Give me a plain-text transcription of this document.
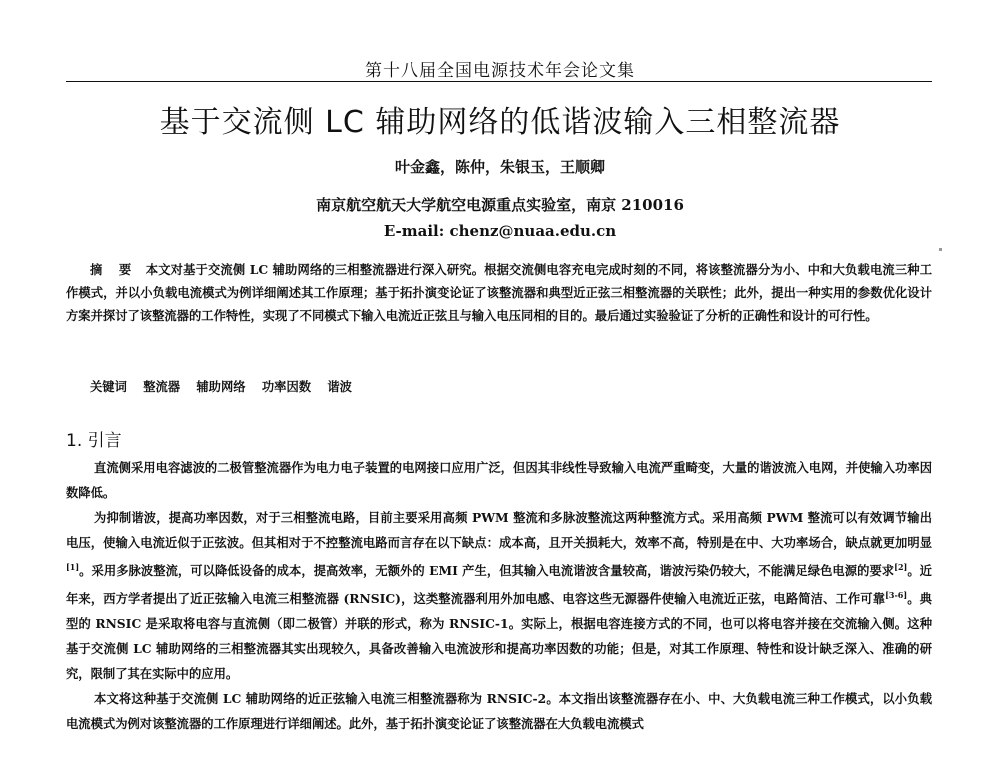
第十八届全国电源技术年会论文集
基于交流侧 LC 辅助网络的低谐波输入三相整流器
叶金鑫，陈仲，朱银玉，王顺卿
南京航空航天大学航空电源重点实验室，南京 210016
E-mail: chenz@nuaa.edu.cn
摘 要 本文对基于交流侧 LC 辅助网络的三相整流器进行深入研究。根据交流侧电容充电完成时刻的不同，将该整流器分为小、中和大负载电流三种工作模式，并以小负载电流模式为例详细阐述其工作原理；基于拓扑演变论证了该整流器和典型近正弦三相整流器的关联性；此外，提出一种实用的参数优化设计方案并探讨了该整流器的工作特性，实现了不同模式下输入电流近正弦且与输入电压同相的目的。最后通过实验验证了分析的正确性和设计的可行性。
关键词 整流器 辅助网络 功率因数 谐波
1. 引言

直流侧采用电容滤波的二极管整流器作为电力电子装置的电网接口应用广泛，但因其非线性导致输入电流严重畸变，大量的谐波流入电网，并使输入功率因数降低。

为抑制谐波，提高功率因数，对于三相整流电路，目前主要采用高频 PWM 整流和多脉波整流这两种整流方式。采用高频 PWM 整流可以有效调节输出电压，使输入电流近似于正弦波。但其相对于不控整流电路而言存在以下缺点：成本高，且开关损耗大，效率不高，特别是在中、大功率场合，缺点就更加明显[1]。采用多脉波整流，可以降低设备的成本，提高效率，无额外的 EMI 产生，但其输入电流谐波含量较高，谐波污染仍较大，不能满足绿色电源的要求[2]。近年来，西方学者提出了近正弦输入电流三相整流器 (RNSIC)，这类整流器利用外加电感、电容这些无源器件使输入电流近正弦，电路简洁、工作可靠[3-6]。典型的 RNSIC 是采取将电容与直流侧（即二极管）并联的形式，称为 RNSIC-1。实际上，根据电容连接方式的不同，也可以将电容并接在交流输入侧。这种基于交流侧 LC 辅助网络的三相整流器其实出现较久，具备改善输入电流波形和提高功率因数的功能；但是，对其工作原理、特性和设计缺乏深入、准确的研究，限制了其在实际中的应用。

本文将这种基于交流侧 LC 辅助网络的近正弦输入电流三相整流器称为 RNSIC-2。本文指出该整流器存在小、中、大负载电流三种工作模式，以小负载电流模式为例对该整流器的工作原理进行详细阐述。此外，基于拓扑演变论证了该整流器在大负载电流模式
